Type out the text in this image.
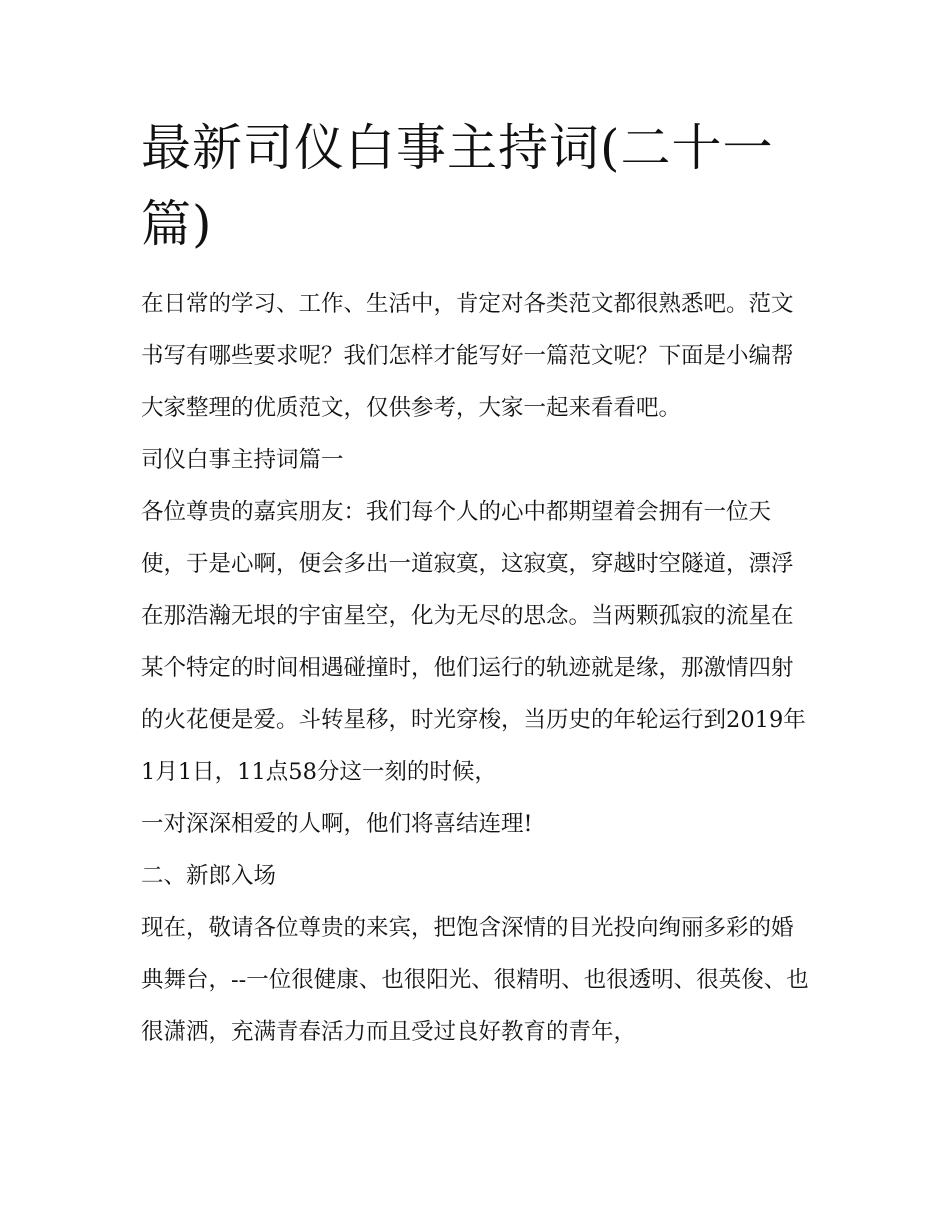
最新司仪白事主持词(二十一篇)

在日常的学习、工作、生活中，肯定对各类范文都很熟悉吧。范文书写有哪些要求呢？我们怎样才能写好一篇范文呢？下面是小编帮大家整理的优质范文，仅供参考，大家一起来看看吧。

司仪白事主持词篇一

各位尊贵的嘉宾朋友：我们每个人的心中都期望着会拥有一位天使，于是心啊，便会多出一道寂寞，这寂寞，穿越时空隧道，漂浮在那浩瀚无垠的宇宙星空，化为无尽的思念。当两颗孤寂的流星在某个特定的时间相遇碰撞时，他们运行的轨迹就是缘，那激情四射的火花便是爱。斗转星移，时光穿梭，当历史的年轮运行到2019年1月1日，11点58分这一刻的时候，

一对深深相爱的人啊，他们将喜结连理!

二、新郎入场

现在，敬请各位尊贵的来宾，把饱含深情的目光投向绚丽多彩的婚典舞台，--一位很健康、也很阳光、很精明、也很透明、很英俊、也很潇洒，充满青春活力而且受过良好教育的青年，
